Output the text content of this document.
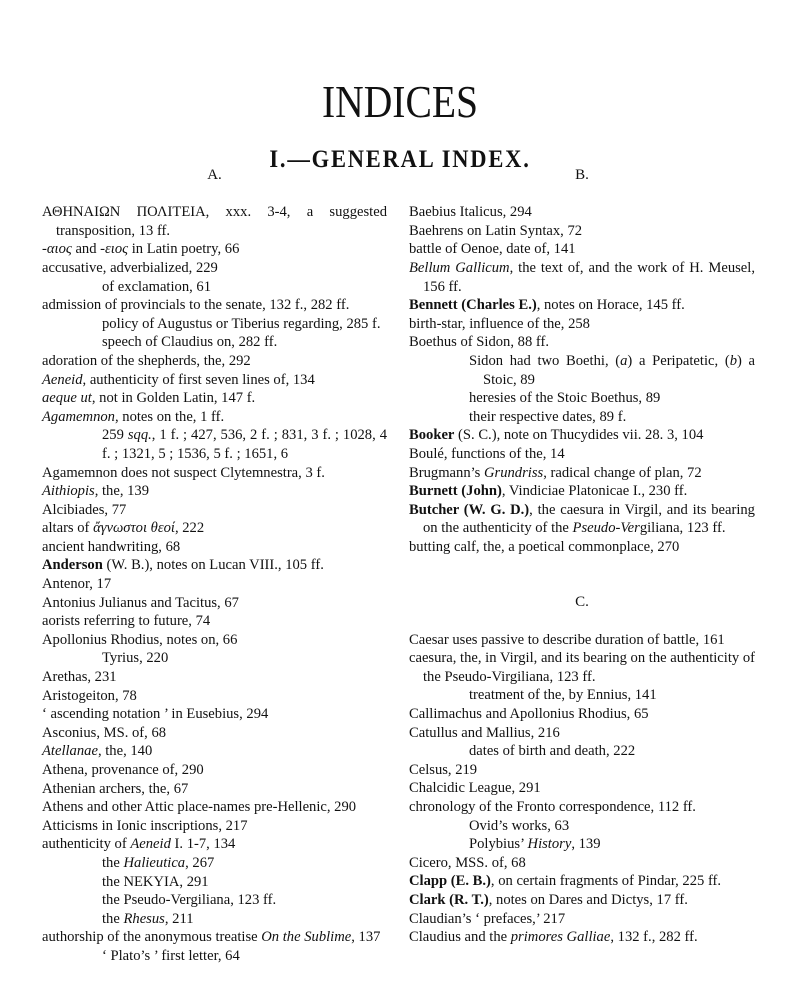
INDICES
I.—GENERAL INDEX.
A.
ΑΘΗΝΑΙΩΝ ΠΟΛΙΤΕΙΑ, xxx. 3-4, a suggested transposition, 13 ff.
-αιος and -ειος in Latin poetry, 66
accusative, adverbialized, 229
of exclamation, 61
admission of provincials to the senate, 132 f., 282 ff.
policy of Augustus or Tiberius regarding, 285 f.
speech of Claudius on, 282 ff.
adoration of the shepherds, the, 292
Aeneid, authenticity of first seven lines of, 134
aeque ut, not in Golden Latin, 147 f.
Agamemnon, notes on the, 1 ff.
259 sqq., 1 f. ; 427, 536, 2 f. ; 831, 3 f. ; 1028, 4 f. ; 1321, 5 ; 1536, 5 f. ; 1651, 6
Agamemnon does not suspect Clytemnestra, 3 f.
Aithiopis, the, 139
Alcibiades, 77
altars of ἄγνωστοι θεοί, 222
ancient handwriting, 68
Anderson (W. B.), notes on Lucan VIII., 105 ff.
Antenor, 17
Antonius Julianus and Tacitus, 67
aorists referring to future, 74
Apollonius Rhodius, notes on, 66
Tyrius, 220
Arethas, 231
Aristogeiton, 78
‘ ascending notation ’ in Eusebius, 294
Asconius, MS. of, 68
Atellanae, the, 140
Athena, provenance of, 290
Athenian archers, the, 67
Athens and other Attic place-names pre-Hellenic, 290
Atticisms in Ionic inscriptions, 217
authenticity of Aeneid I. 1-7, 134
the Halieutica, 267
the ΝΕΚΥΙΑ, 291
the Pseudo-Vergiliana, 123 ff.
the Rhesus, 211
authorship of the anonymous treatise On the Sublime, 137
‘ Plato’s ’ first letter, 64
B.
Baebius Italicus, 294
Baehrens on Latin Syntax, 72
battle of Oenoe, date of, 141
Bellum Gallicum, the text of, and the work of H. Meusel, 156 ff.
Bennett (Charles E.), notes on Horace, 145 ff.
birth-star, influence of the, 258
Boethus of Sidon, 88 ff.
Sidon had two Boethi, (a) a Peripatetic, (b) a Stoic, 89
heresies of the Stoic Boethus, 89
their respective dates, 89 f.
Booker (S. C.), note on Thucydides vii. 28. 3, 104
Boulé, functions of the, 14
Brugmann’s Grundriss, radical change of plan, 72
Burnett (John), Vindiciae Platonicae I., 230 ff.
Butcher (W. G. D.), the caesura in Virgil, and its bearing on the authenticity of the Pseudo-Vergiliana, 123 ff.
butting calf, the, a poetical commonplace, 270
C.
Caesar uses passive to describe duration of battle, 161
caesura, the, in Virgil, and its bearing on the authenticity of the Pseudo-Virgiliana, 123 ff.
treatment of the, by Ennius, 141
Callimachus and Apollonius Rhodius, 65
Catullus and Mallius, 216
dates of birth and death, 222
Celsus, 219
Chalcidic League, 291
chronology of the Fronto correspondence, 112 ff.
Ovid’s works, 63
Polybius’ History, 139
Cicero, MSS. of, 68
Clapp (E. B.), on certain fragments of Pindar, 225 ff.
Clark (R. T.), notes on Dares and Dictys, 17 ff.
Claudian’s ‘ prefaces,’ 217
Claudius and the primores Galliae, 132 f., 282 ff.
